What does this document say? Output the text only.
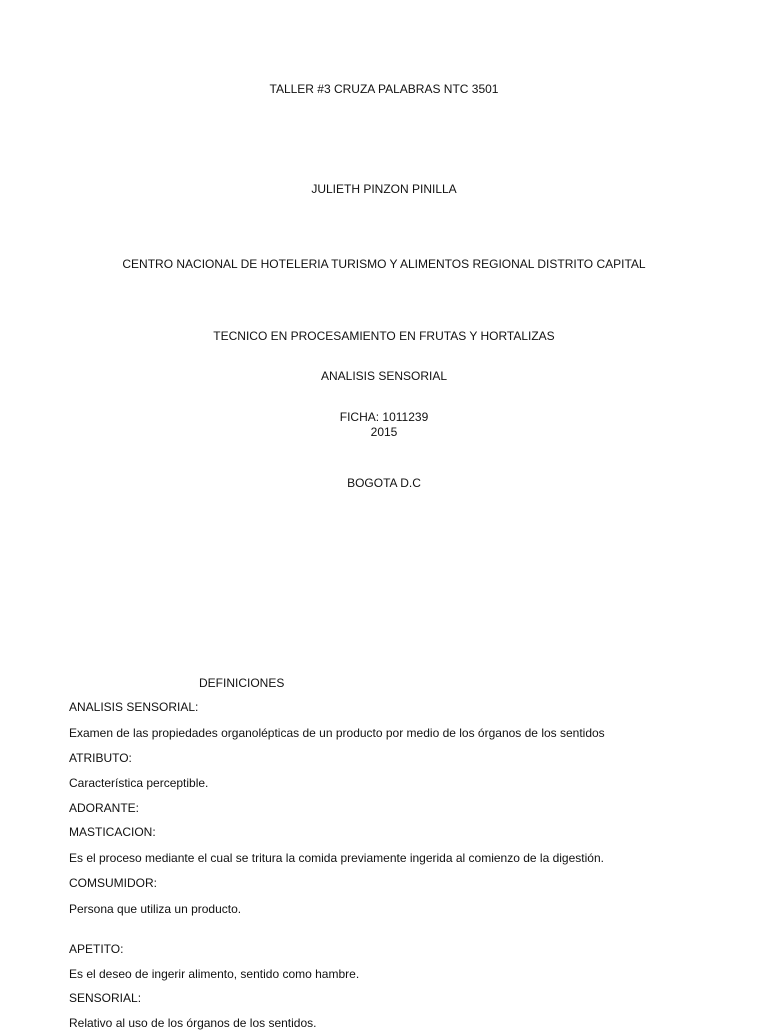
TALLER #3 CRUZA PALABRAS NTC 3501
JULIETH PINZON PINILLA
CENTRO NACIONAL DE HOTELERIA TURISMO Y ALIMENTOS REGIONAL DISTRITO CAPITAL
TECNICO EN PROCESAMIENTO EN FRUTAS Y HORTALIZAS
ANALISIS SENSORIAL
FICHA: 1011239
2015
BOGOTA D.C
DEFINICIONES
ANALISIS SENSORIAL:
Examen de las propiedades organolépticas de un producto por medio de los órganos de los sentidos
ATRIBUTO:
Característica perceptible.
ADORANTE:
MASTICACION:
Es el proceso mediante el cual se tritura la comida previamente ingerida al comienzo de la digestión.
COMSUMIDOR:
Persona que utiliza un producto.
APETITO:
Es el deseo de ingerir alimento, sentido como hambre.
SENSORIAL:
Relativo al uso de los órganos de los sentidos.
